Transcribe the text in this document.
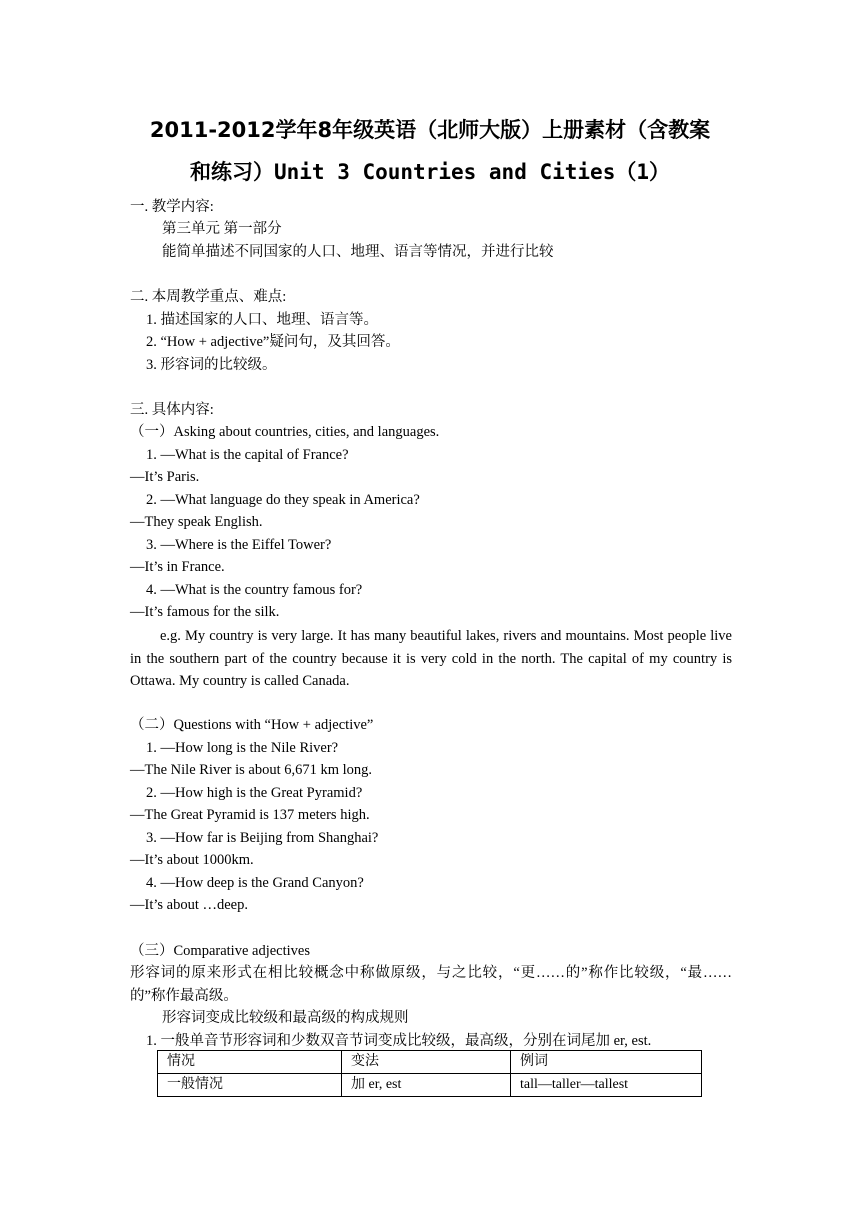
2011-2012学年8年级英语（北师大版）上册素材（含教案
和练习）Unit 3 Countries and Cities（1）
一. 教学内容:
第三单元 第一部分
能简单描述不同国家的人口、地理、语言等情况，并进行比较
二. 本周教学重点、难点:
1. 描述国家的人口、地理、语言等。
2. “How + adjective”疑问句，及其回答。
3. 形容词的比较级。
三. 具体内容:
（一）Asking about countries, cities, and languages.
1. —What is the capital of France?
—It’s Paris.
2. —What language do they speak in America?
—They speak English.
3. —Where is the Eiffel Tower?
—It’s in France.
4. —What is the country famous for?
—It’s famous for the silk.
e.g. My country is very large. It has many beautiful lakes, rivers and mountains. Most people live in the southern part of the country because it is very cold in the north. The capital of my country is Ottawa. My country is called Canada.
（二）Questions with “How + adjective”
1. —How long is the Nile River?
—The Nile River is about 6,671 km long.
2. —How high is the Great Pyramid?
—The Great Pyramid is 137 meters high.
3. —How far is Beijing from Shanghai?
—It’s about 1000km.
4. —How deep is the Grand Canyon?
—It’s about …deep.
（三）Comparative adjectives
形容词的原来形式在相比较概念中称做原级，与之比较，“更……的”称作比较级，“最……
的”称作最高级。
形容词变成比较级和最高级的构成规则
1. 一般单音节形容词和少数双音节词变成比较级，最高级，分别在词尾加 er, est.
情况	变法	例词
一般情况	加 er, est	tall—taller—tallest
